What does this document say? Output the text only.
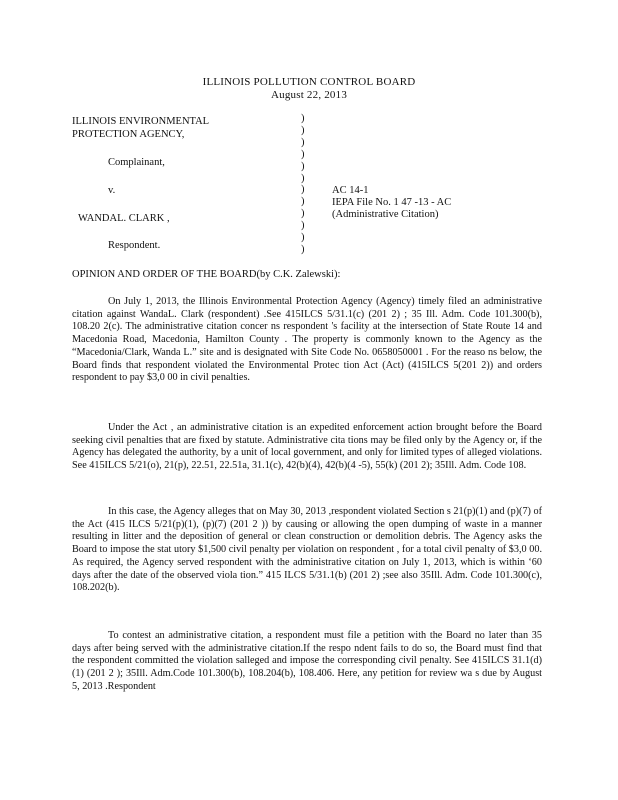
ILLINOIS POLLUTION CONTROL BOARD
August 22, 2013
ILLINOIS ENVIRONMENTAL
PROTECTION AGENCY,
Complainant,
v.
WANDAL. CLARK ,
Respondent.
)
)
)
)
)
)
)
)
)
)
)
)
AC 14-1
IEPA File No. 1 47 -13 - AC
(Administrative Citation)
OPINION AND ORDER OF THE BOARD(by C.K. Zalewski):

On July 1, 2013, the Illinois Environmental Protection Agency (Agency) timely filed an administrative citation against WandaL. Clark (respondent) .See 415ILCS 5/31.1(c) (201 2) ; 35 Ill. Adm. Code 101.300(b), 108.20 2(c). The administrative citation concer ns respondent 's facility at the intersection of State Route 14 and Macedonia Road, Macedonia, Hamilton County . The property is commonly known to the Agency as the “Macedonia/Clark, Wanda L.” site and is designated with Site Code No. 0658050001 . For the reaso ns below, the Board finds that respondent violated the Environmental Protec tion Act (Act) (415ILCS 5(201 2)) and orders respondent to pay $3,0 00 in civil penalties.

Under the Act , an administrative citation is an expedited enforcement action brought before the Board seeking civil penalties that are fixed by statute. Administrative cita tions may be filed only by the Agency or, if the Agency has delegated the authority, by a unit of local government, and only for limited types of alleged violations. See 415ILCS 5/21(o), 21(p), 22.51, 22.51a, 31.1(c), 42(b)(4), 42(b)(4 -5), 55(k) (201 2); 35Ill. Adm. Code 108.

In this case, the Agency alleges that on May 30, 2013 ,respondent violated Section s 21(p)(1) and (p)(7) of the Act (415 ILCS 5/21(p)(1), (p)(7) (201 2 )) by causing or allowing the open dumping of waste in a manner resulting in litter and the deposition of general or clean construction or demolition debris. The Agency asks the Board to impose the stat utory $1,500 civil penalty per violation on respondent , for a total civil penalty of $3,0 00. As required, the Agency served respondent with the administrative citation on July 1, 2013, which is within ‘60 days after the date of the observed viola tion.” 415 ILCS 5/31.1(b) (201 2) ;see also 35Ill. Adm. Code 101.300(c), 108.202(b).

To contest an administrative citation, a respondent must file a petition with the Board no later than 35 days after being served with the administrative citation.If the respo ndent fails to do so, the Board must find that the respondent committed the violation salleged and impose the corresponding civil penalty. See 415ILCS 31.1(d)(1) (201 2 ); 35Ill. Adm.Code 101.300(b), 108.204(b), 108.406. Here, any petition for review wa s due by August 5, 2013 .Respondent
